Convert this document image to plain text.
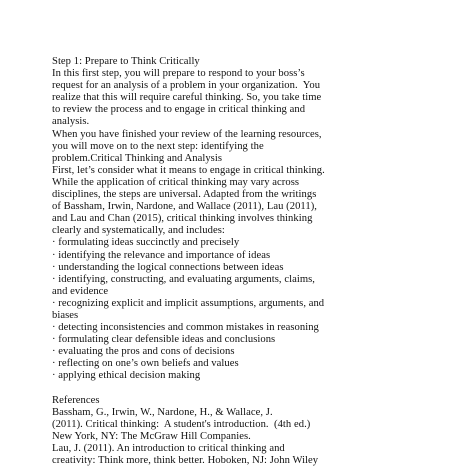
Step 1: Prepare to Think Critically
In this first step, you will prepare to respond to your boss’s
request for an analysis of a problem in your organization.  You
realize that this will require careful thinking. So, you take time
to review the process and to engage in critical thinking and
analysis.
When you have finished your review of the learning resources,
you will move on to the next step: identifying the
problem.Critical Thinking and Analysis
First, let’s consider what it means to engage in critical thinking.
While the application of critical thinking may vary across
disciplines, the steps are universal. Adapted from the writings
of Bassham, Irwin, Nardone, and Wallace (2011), Lau (2011),
and Lau and Chan (2015), critical thinking involves thinking
clearly and systematically, and includes:
· formulating ideas succinctly and precisely
· identifying the relevance and importance of ideas
· understanding the logical connections between ideas
· identifying, constructing, and evaluating arguments, claims,
and evidence
· recognizing explicit and implicit assumptions, arguments, and
biases
· detecting inconsistencies and common mistakes in reasoning
· formulating clear defensible ideas and conclusions
· evaluating the pros and cons of decisions
· reflecting on one’s own beliefs and values
· applying ethical decision making
References
Bassham, G., Irwin, W., Nardone, H., & Wallace, J.
(2011). Critical thinking:  A student's introduction.  (4th ed.)
New York, NY: The McGraw Hill Companies.
Lau, J. (2011). An introduction to critical thinking and
creativity: Think more, think better. Hoboken, NJ: John Wiley
